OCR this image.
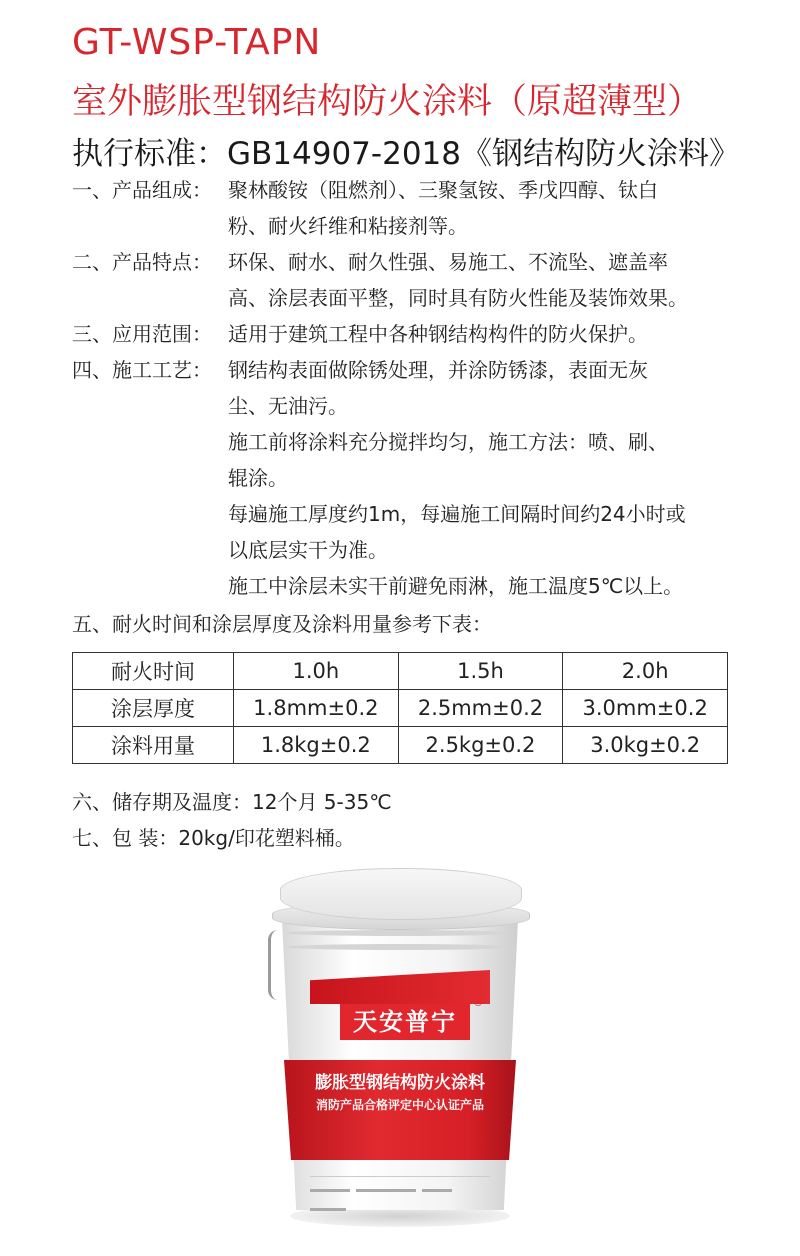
GT-WSP-TAPN
室外膨胀型钢结构防火涂料（原超薄型）
执行标准：GB14907-2018《钢结构防火涂料》
一、产品组成： 聚林酸铵（阻燃剂）、三聚氢铵、季戊四醇、钛白
粉、耐火纤维和粘接剂等。
二、产品特点： 环保、耐水、耐久性强、易施工、不流坠、遮盖率
高、涂层表面平整，同时具有防火性能及装饰效果。
三、应用范围： 适用于建筑工程中各种钢结构构件的防火保护。
四、施工工艺： 钢结构表面做除锈处理，并涂防锈漆，表面无灰
尘、无油污。
施工前将涂料充分搅拌均匀，施工方法：喷、刷、
辊涂。
每遍施工厚度约1m，每遍施工间隔时间约24小时或
以底层实干为准。
施工中涂层未实干前避免雨淋，施工温度5℃以上。
五、耐火时间和涂层厚度及涂料用量参考下表：
耐火时间	1.0h	1.5h	2.0h
涂层厚度	1.8mm±0.2	2.5mm±0.2	3.0mm±0.2
涂料用量	1.8kg±0.2	2.5kg±0.2	3.0kg±0.2
六、储存期及温度：12个月 5-35℃
七、包 装：20kg/印花塑料桶。
天安普宁
®
膨胀型钢结构防火涂料
消防产品合格评定中心认证产品
